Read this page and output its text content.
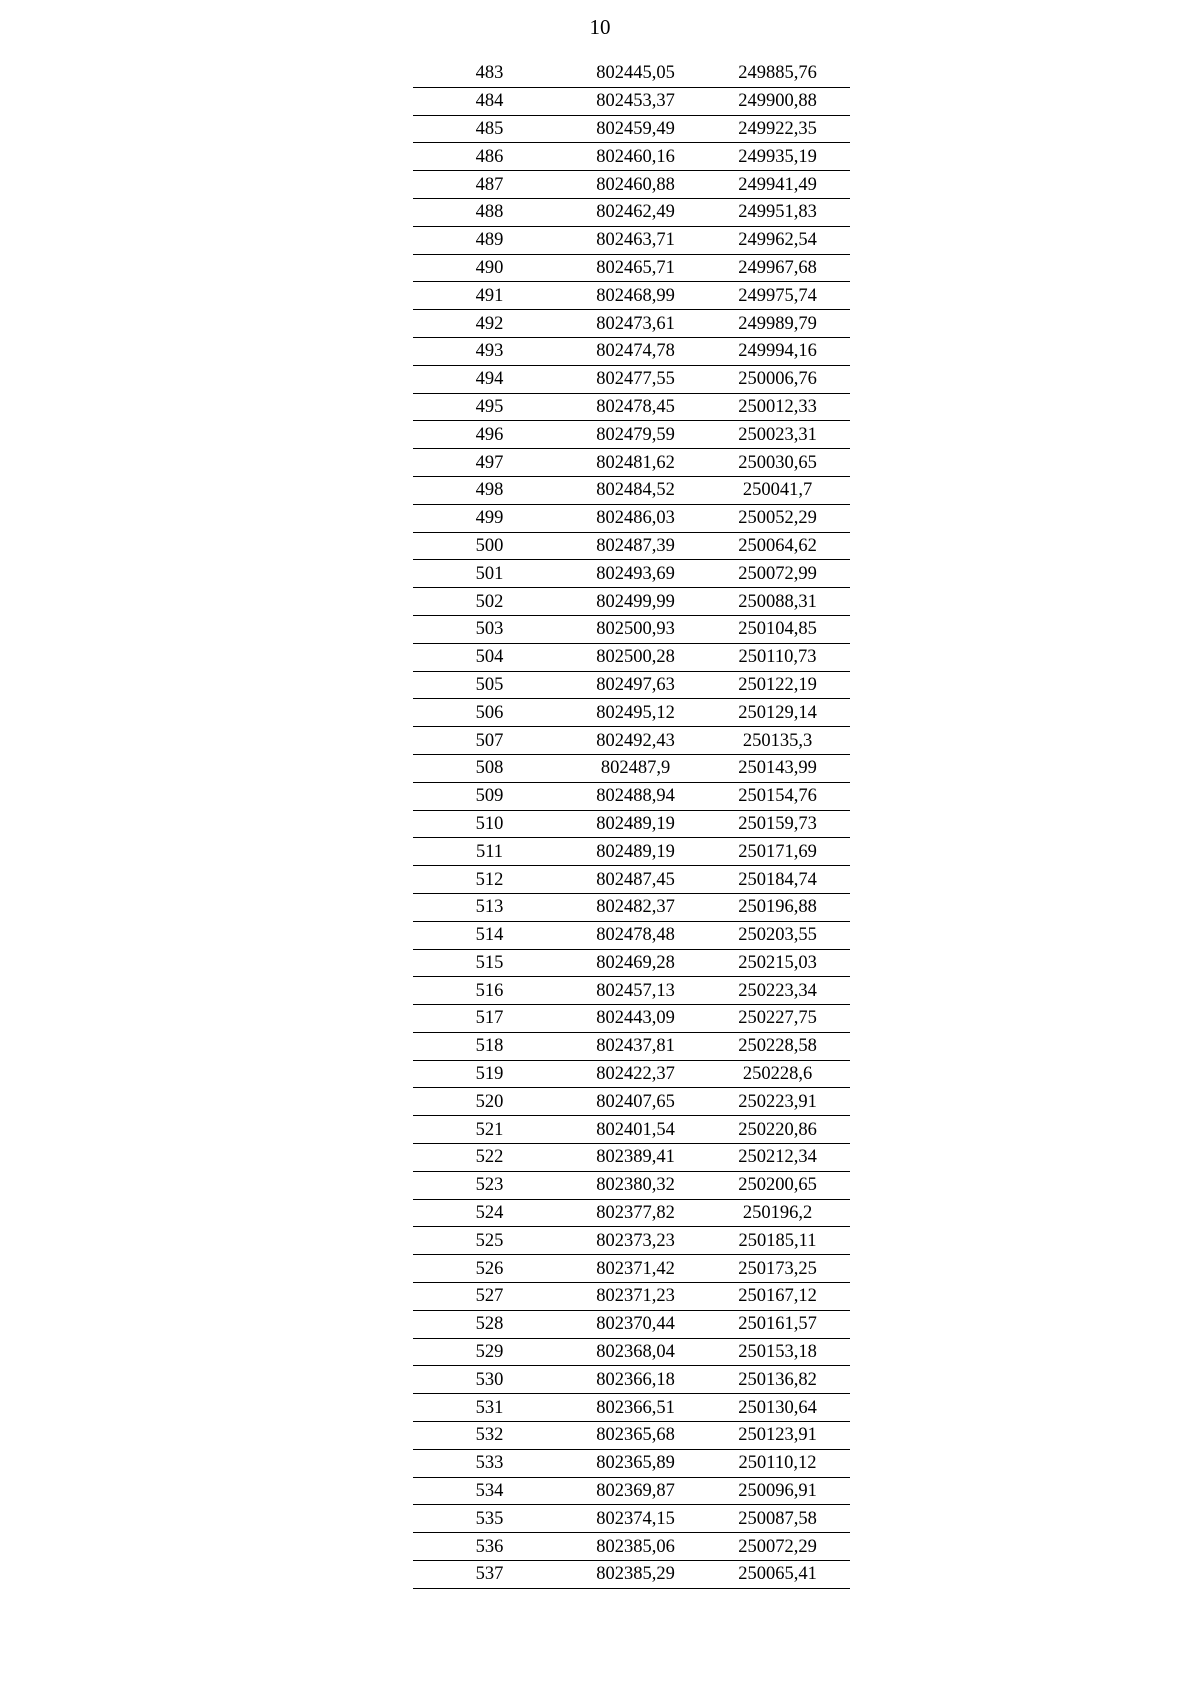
10
483	802445,05	249885,76
484	802453,37	249900,88
485	802459,49	249922,35
486	802460,16	249935,19
487	802460,88	249941,49
488	802462,49	249951,83
489	802463,71	249962,54
490	802465,71	249967,68
491	802468,99	249975,74
492	802473,61	249989,79
493	802474,78	249994,16
494	802477,55	250006,76
495	802478,45	250012,33
496	802479,59	250023,31
497	802481,62	250030,65
498	802484,52	250041,7
499	802486,03	250052,29
500	802487,39	250064,62
501	802493,69	250072,99
502	802499,99	250088,31
503	802500,93	250104,85
504	802500,28	250110,73
505	802497,63	250122,19
506	802495,12	250129,14
507	802492,43	250135,3
508	802487,9	250143,99
509	802488,94	250154,76
510	802489,19	250159,73
511	802489,19	250171,69
512	802487,45	250184,74
513	802482,37	250196,88
514	802478,48	250203,55
515	802469,28	250215,03
516	802457,13	250223,34
517	802443,09	250227,75
518	802437,81	250228,58
519	802422,37	250228,6
520	802407,65	250223,91
521	802401,54	250220,86
522	802389,41	250212,34
523	802380,32	250200,65
524	802377,82	250196,2
525	802373,23	250185,11
526	802371,42	250173,25
527	802371,23	250167,12
528	802370,44	250161,57
529	802368,04	250153,18
530	802366,18	250136,82
531	802366,51	250130,64
532	802365,68	250123,91
533	802365,89	250110,12
534	802369,87	250096,91
535	802374,15	250087,58
536	802385,06	250072,29
537	802385,29	250065,41
